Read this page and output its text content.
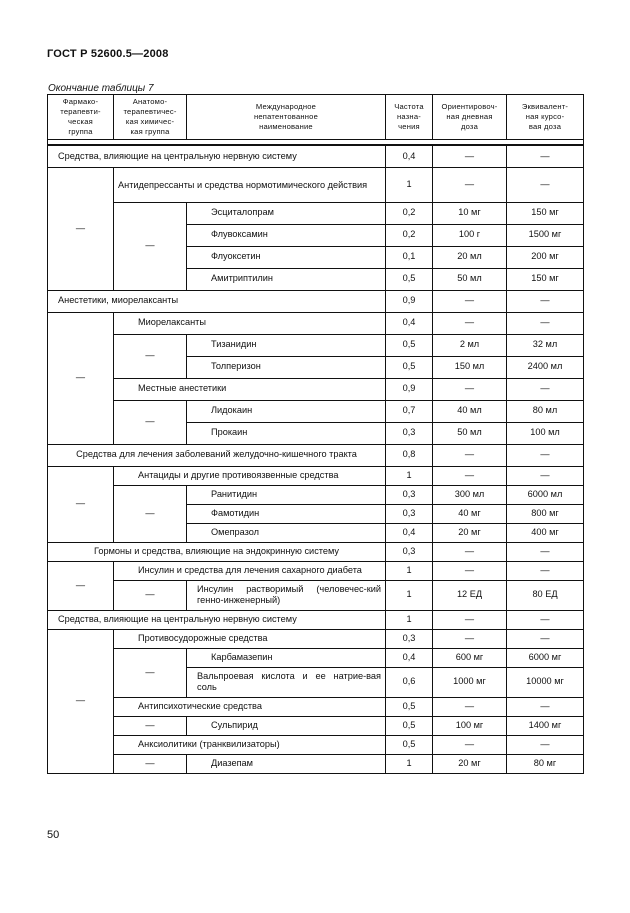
ГОСТ Р 52600.5—2008
Окончание таблицы 7
Фармако-
терапевти-
ческая
группа	Анатомо-
терапевтичес-
кая химичес-
кая группа	Международное
непатентованное
наименование	Частота
назна-
чения	Ориентировоч-
ная дневная
доза	Эквивалент-
ная курсо-
вая доза

Средства, влияющие на центральную нервную систему			0,4	—	—
—	Антидепрессанты и средства нормотимического действия		1	—	—
	—	Эсциталопрам	0,2	10 мг	150 мг
		Флувоксамин	0,2	100 г	1500 мг
		Флуоксетин	0,1	20 мл	200 мг
		Амитриптилин	0,5	50 мл	150 мг
Анестетики, миорелаксанты			0,9	—	—
—	Миорелаксанты		0,4	—	—
	—	Тизанидин	0,5	2 мл	32 мл
		Толперизон	0,5	150 мл	2400 мл
	Местные анестетики		0,9	—	—
	—	Лидокаин	0,7	40 мл	80 мл
		Прокаин	0,3	50 мл	100 мл
Средства для лечения заболеваний желудочно-кишечного тракта			0,8	—	—
—	Антациды и другие противоязвенные средства		1	—	—
	—	Ранитидин	0,3	300 мл	6000 мл
		Фамотидин	0,3	40 мг	800 мг
		Омепразол	0,4	20 мг	400 мг
Гормоны и средства, влияющие на эндокринную систему			0,3	—	—
—	Инсулин и средства для лечения сахарного диабета		1	—	—
	—	Инсулин растворимый (человечес-кий генно-инженерный)	1	12 ЕД	80 ЕД
Средства, влияющие на центральную нервную систему			1	—	—
—	Противосудорожные средства		0,3	—	—
	—	Карбамазепин	0,4	600 мг	6000 мг
		Вальпроевая кислота и ее натрие-вая соль	0,6	1000 мг	10000 мг
	Антипсихотические средства		0,5	—	—
	—	Сульпирид	0,5	100 мг	1400 мг
	Анксиолитики (транквилизаторы)		0,5	—	—
	—	Диазепам	1	20 мг	80 мг
50
